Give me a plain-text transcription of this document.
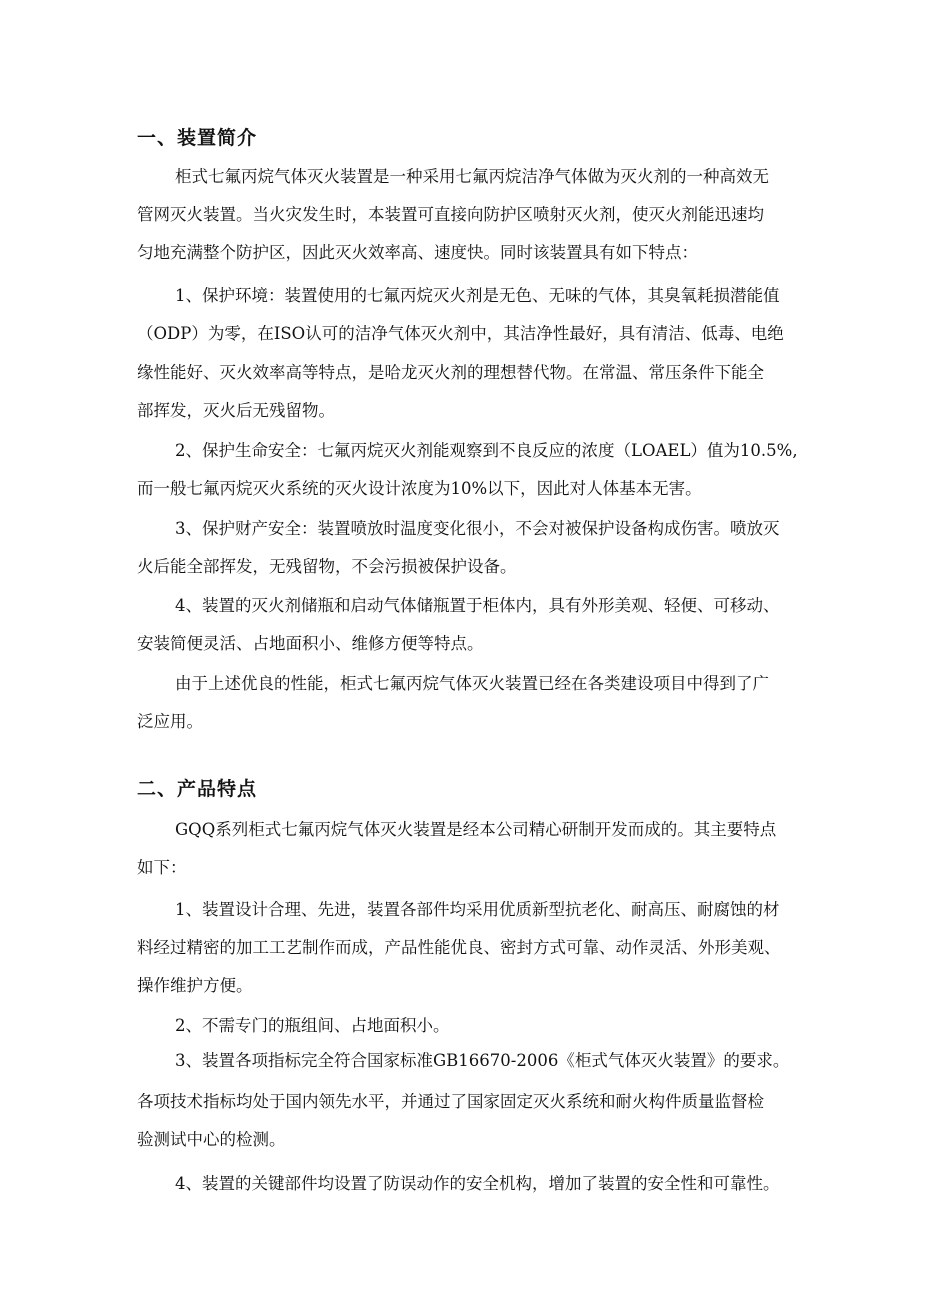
一、装置简介
柜式七氟丙烷气体灭火装置是一种采用七氟丙烷洁净气体做为灭火剂的一种高效无
管网灭火装置。当火灾发生时，本装置可直接向防护区喷射灭火剂，使灭火剂能迅速均
匀地充满整个防护区，因此灭火效率高、速度快。同时该装置具有如下特点：
1、保护环境：装置使用的七氟丙烷灭火剂是无色、无味的气体，其臭氧耗损潜能值
（ODP）为零，在ISO认可的洁净气体灭火剂中，其洁净性最好，具有清洁、低毒、电绝
缘性能好、灭火效率高等特点，是哈龙灭火剂的理想替代物。在常温、常压条件下能全
部挥发，灭火后无残留物。
2、保护生命安全：七氟丙烷灭火剂能观察到不良反应的浓度（LOAEL）值为10.5%,
而一般七氟丙烷灭火系统的灭火设计浓度为10%以下，因此对人体基本无害。
3、保护财产安全：装置喷放时温度变化很小，不会对被保护设备构成伤害。喷放灭
火后能全部挥发，无残留物，不会污损被保护设备。
4、装置的灭火剂储瓶和启动气体储瓶置于柜体内，具有外形美观、轻便、可移动、
安装简便灵活、占地面积小、维修方便等特点。
由于上述优良的性能，柜式七氟丙烷气体灭火装置已经在各类建设项目中得到了广
泛应用。
二、产品特点
GQQ系列柜式七氟丙烷气体灭火装置是经本公司精心研制开发而成的。其主要特点
如下：
1、装置设计合理、先进，装置各部件均采用优质新型抗老化、耐高压、耐腐蚀的材
料经过精密的加工工艺制作而成，产品性能优良、密封方式可靠、动作灵活、外形美观、
操作维护方便。
2、不需专门的瓶组间、占地面积小。
3、装置各项指标完全符合国家标准GB16670-2006《柜式气体灭火装置》的要求。
各项技术指标均处于国内领先水平，并通过了国家固定灭火系统和耐火构件质量监督检
验测试中心的检测。
4、装置的关键部件均设置了防误动作的安全机构，增加了装置的安全性和可靠性。
